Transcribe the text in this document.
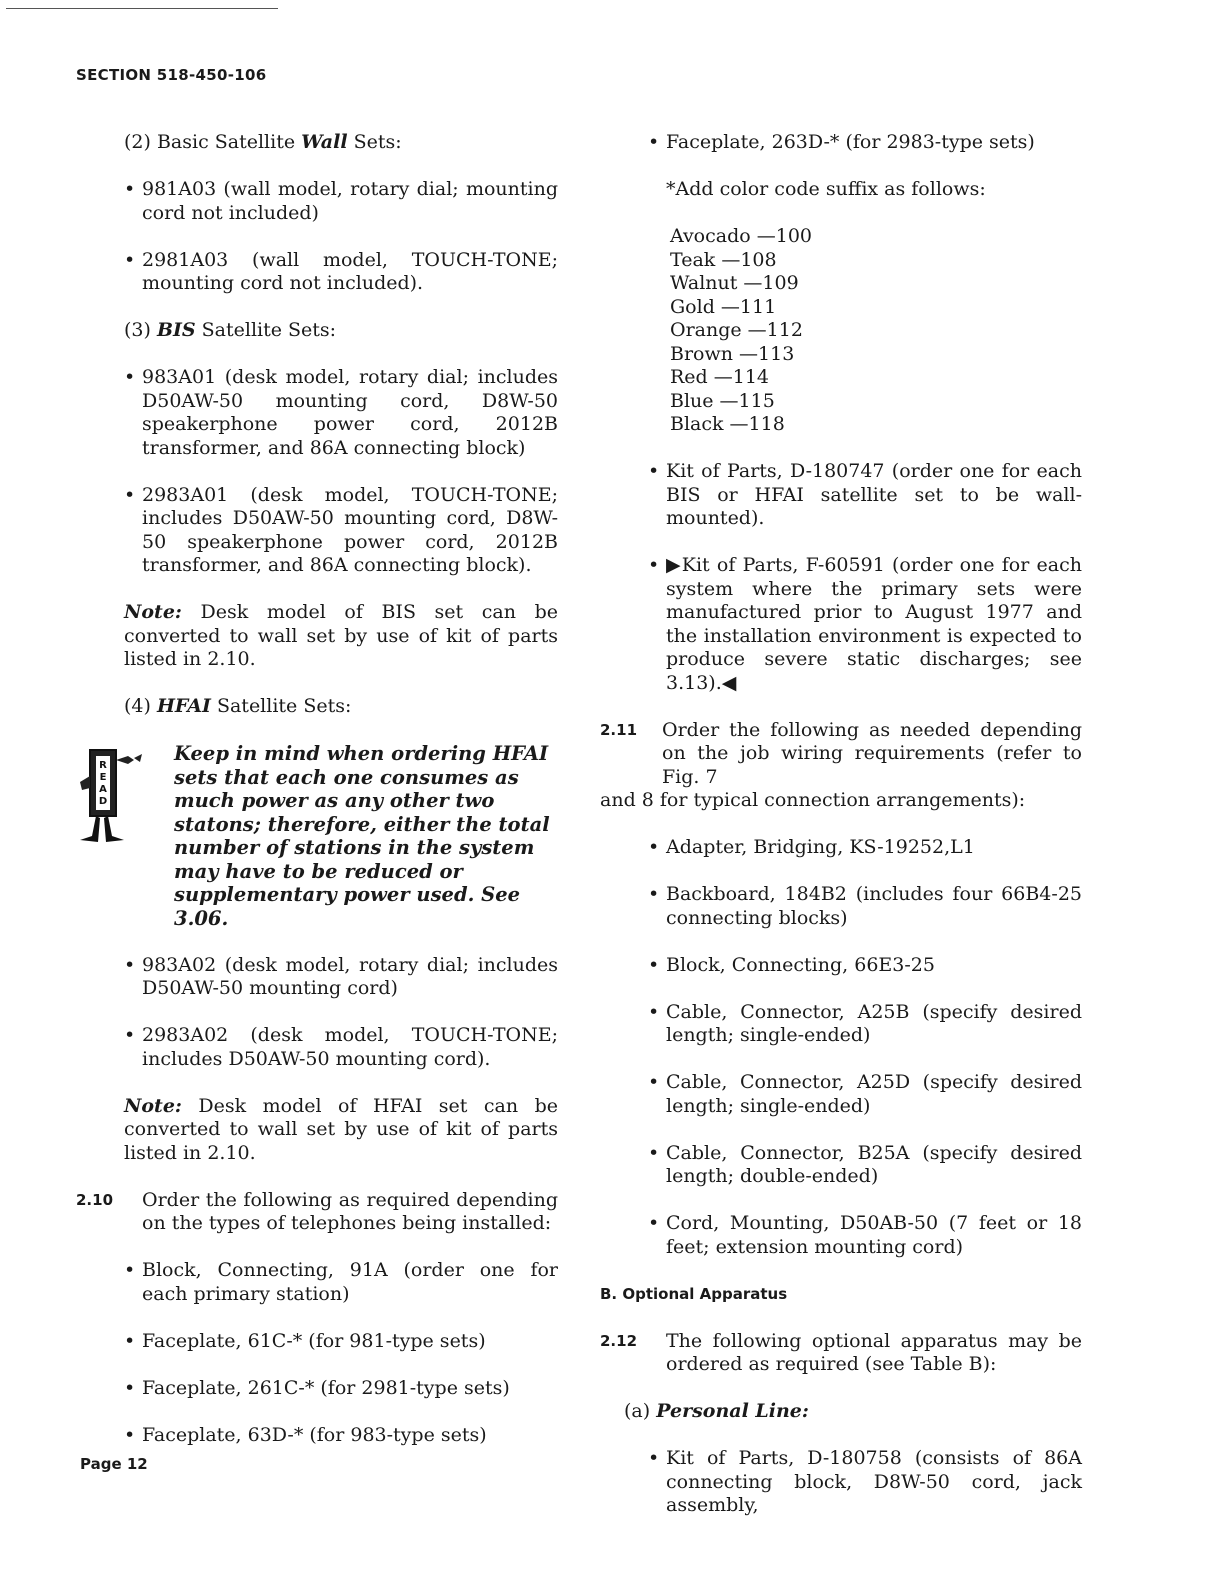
SECTION 518-450-106

(2) Basic Satellite Wall Sets:

• 981A03 (wall model, rotary dial; mounting cord not included)

• 2981A03 (wall model, TOUCH-TONE; mounting cord not included).

(3) BIS Satellite Sets:

• 983A01 (desk model, rotary dial; includes D50AW-50 mounting cord, D8W-50 speakerphone power cord, 2012B transformer, and 86A connecting block)

• 2983A01 (desk model, TOUCH-TONE; includes D50AW-50 mounting cord, D8W-50 speakerphone power cord, 2012B transformer, and 86A connecting block).

Note: Desk model of BIS set can be converted to wall set by use of kit of parts listed in 2.10.

(4) HFAI Satellite Sets:

R
E
A
D

Keep in mind when ordering HFAI sets that each one consumes as much power as any other two statons; therefore, either the total number of stations in the system may have to be reduced or supplementary power used. See 3.06.

• 983A02 (desk model, rotary dial; includes D50AW-50 mounting cord)

• 2983A02 (desk model, TOUCH-TONE; includes D50AW-50 mounting cord).

Note: Desk model of HFAI set can be converted to wall set by use of kit of parts listed in 2.10.

2.10 Order the following as required depending on the types of telephones being installed:

• Block, Connecting, 91A (order one for each primary station)

• Faceplate, 61C-* (for 981-type sets)

• Faceplate, 261C-* (for 2981-type sets)

• Faceplate, 63D-* (for 983-type sets)

• Faceplate, 263D-* (for 2983-type sets)

*Add color code suffix as follows:

Avocado —100
Teak —108
Walnut —109
Gold —111
Orange —112
Brown —113
Red —114
Blue —115
Black —118

• Kit of Parts, D-180747 (order one for each BIS or HFAI satellite set to be wall-mounted).

• ▶Kit of Parts, F-60591 (order one for each system where the primary sets were manufactured prior to August 1977 and the installation environment is expected to produce severe static discharges; see 3.13).◀

2.11 Order the following as needed depending on the job wiring requirements (refer to Fig. 7
and 8 for typical connection arrangements):

• Adapter, Bridging, KS-19252,L1

• Backboard, 184B2 (includes four 66B4-25 connecting blocks)

• Block, Connecting, 66E3-25

• Cable, Connector, A25B (specify desired length; single-ended)

• Cable, Connector, A25D (specify desired length; single-ended)

• Cable, Connector, B25A (specify desired length; double-ended)

• Cord, Mounting, D50AB-50 (7 feet or 18 feet; extension mounting cord)

B. Optional Apparatus

2.12 The following optional apparatus may be ordered as required (see Table B):

(a) Personal Line:

• Kit of Parts, D-180758 (consists of 86A connecting block, D8W-50 cord, jack assembly,

Page 12
